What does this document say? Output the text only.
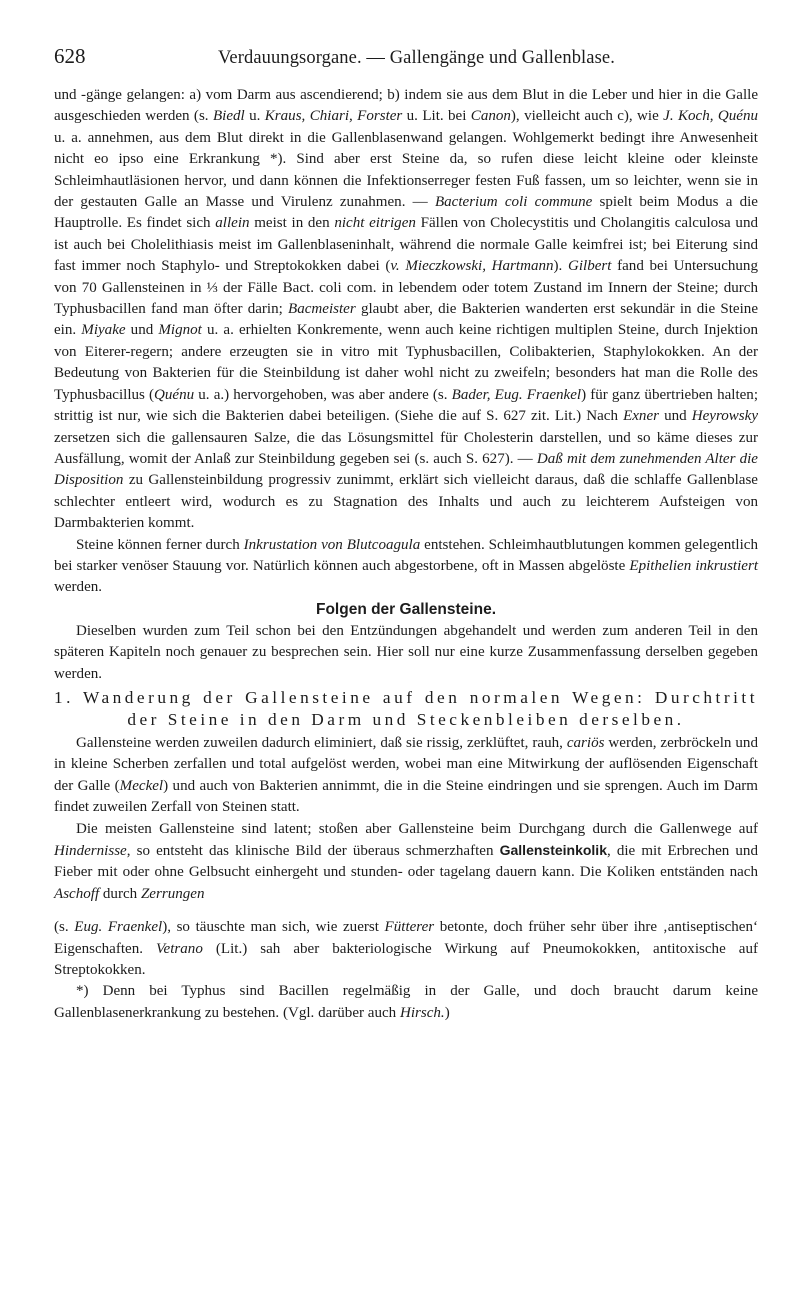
628	Verdauungsorgane. — Gallengänge und Gallenblase.

und -gänge gelangen: a) vom Darm aus ascendierend; b) indem sie aus dem Blut in die Leber und hier in die Galle ausgeschieden werden (s. Biedl u. Kraus, Chiari, Forster u. Lit. bei Canon), vielleicht auch c), wie J. Koch, Quénu u. a. annehmen, aus dem Blut direkt in die Gallenblasenwand gelangen. Wohlgemerkt bedingt ihre Anwesenheit nicht eo ipso eine Erkrankung *). Sind aber erst Steine da, so rufen diese leicht kleine oder kleinste Schleimhautläsionen hervor, und dann können die Infektionserreger festen Fuß fassen, um so leichter, wenn sie in der gestauten Galle an Masse und Virulenz zunahmen. — Bacterium coli commune spielt beim Modus a die Hauptrolle. Es findet sich allein meist in den nicht eitrigen Fällen von Cholecystitis und Cholangitis calculosa und ist auch bei Cholelithiasis meist im Gallenblaseninhalt, während die normale Galle keimfrei ist; bei Eiterung sind fast immer noch Staphylo- und Streptokokken dabei (v. Mieczkowski, Hartmann). Gilbert fand bei Untersuchung von 70 Gallensteinen in ⅓ der Fälle Bact. coli com. in lebendem oder totem Zustand im Innern der Steine; durch Typhusbacillen fand man öfter darin; Bacmeister glaubt aber, die Bakterien wanderten erst sekundär in die Steine ein. Miyake und Mignot u. a. erhielten Konkremente, wenn auch keine richtigen multiplen Steine, durch Injektion von Eiterer-regern; andere erzeugten sie in vitro mit Typhusbacillen, Colibakterien, Staphylokokken. An der Bedeutung von Bakterien für die Steinbildung ist daher wohl nicht zu zweifeln; besonders hat man die Rolle des Typhusbacillus (Quénu u. a.) hervorgehoben, was aber andere (s. Bader, Eug. Fraenkel) für ganz übertrieben halten; strittig ist nur, wie sich die Bakterien dabei beteiligen. (Siehe die auf S. 627 zit. Lit.) Nach Exner und Heyrowsky zersetzen sich die gallensauren Salze, die das Lösungsmittel für Cholesterin darstellen, und so käme dieses zur Ausfällung, womit der Anlaß zur Steinbildung gegeben sei (s. auch S. 627). — Daß mit dem zunehmenden Alter die Disposition zu Gallensteinbildung progressiv zunimmt, erklärt sich vielleicht daraus, daß die schlaffe Gallenblase schlechter entleert wird, wodurch es zu Stagnation des Inhalts und auch zu leichterem Aufsteigen von Darmbakterien kommt.

Steine können ferner durch Inkrustation von Blutcoagula entstehen. Schleimhautblutungen kommen gelegentlich bei starker venöser Stauung vor. Natürlich können auch abgestorbene, oft in Massen abgelöste Epithelien inkrustiert werden.

Folgen der Gallensteine.

Dieselben wurden zum Teil schon bei den Entzündungen abgehandelt und werden zum anderen Teil in den späteren Kapiteln noch genauer zu besprechen sein. Hier soll nur eine kurze Zusammenfassung derselben gegeben werden.

1. Wanderung der Gallensteine auf den normalen Wegen: Durchtritt der Steine in den Darm und Steckenbleiben derselben.

Gallensteine werden zuweilen dadurch eliminiert, daß sie rissig, zerklüftet, rauh, cariös werden, zerbröckeln und in kleine Scherben zerfallen und total aufgelöst werden, wobei man eine Mitwirkung der auflösenden Eigenschaft der Galle (Meckel) und auch von Bakterien annimmt, die in die Steine eindringen und sie sprengen. Auch im Darm findet zuweilen Zerfall von Steinen statt.

Die meisten Gallensteine sind latent; stoßen aber Gallensteine beim Durchgang durch die Gallenwege auf Hindernisse, so entsteht das klinische Bild der überaus schmerzhaften Gallensteinkolik, die mit Erbrechen und Fieber mit oder ohne Gelbsucht einhergeht und stunden- oder tagelang dauern kann. Die Koliken entständen nach Aschoff durch Zerrungen

(s. Eug. Fraenkel), so täuschte man sich, wie zuerst Fütterer betonte, doch früher sehr über ihre ‚antiseptischen‘ Eigenschaften. Vetrano (Lit.) sah aber bakteriologische Wirkung auf Pneumokokken, antitoxische auf Streptokokken.

*) Denn bei Typhus sind Bacillen regelmäßig in der Galle, und doch braucht darum keine Gallenblasenerkrankung zu bestehen. (Vgl. darüber auch Hirsch.)
